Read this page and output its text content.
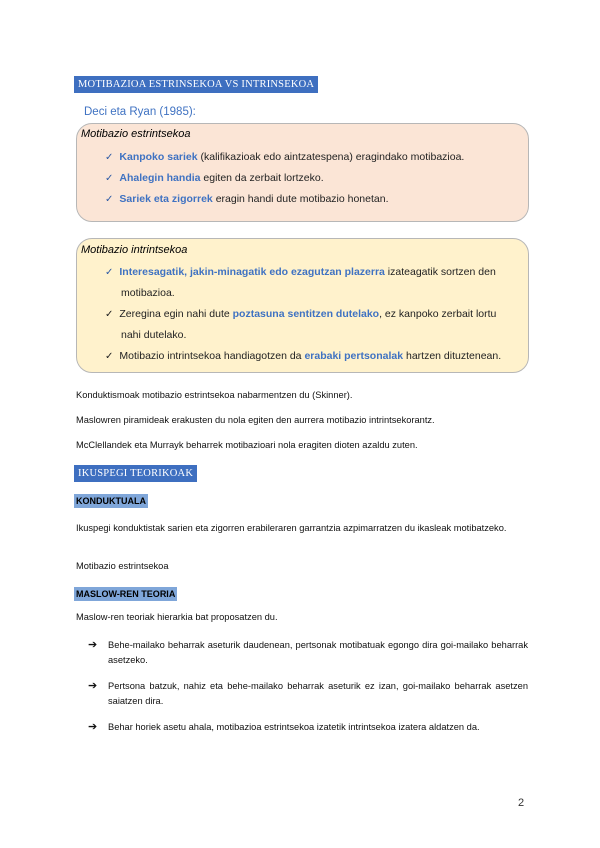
MOTIBAZIOA ESTRINSEKOA VS INTRINSEKOA
Deci eta Ryan (1985):
Motibazio estrintsekoa
✓ Kanpoko sariek (kalifikazioak edo aintzatespena) eragindako motibazioa.
✓ Ahalegin handia egiten da zerbait lortzeko.
✓ Sariek eta zigorrek eragin handi dute motibazio honetan.
Motibazio intrintsekoa
✓ Interesagatik, jakin-minagatik edo ezagutzan plazerra izateagatik sortzen den
motibazioa.
✓ Zeregina egin nahi dute poztasuna sentitzen dutelako, ez kanpoko zerbait lortu
nahi dutelako.
✓ Motibazio intrintsekoa handiagotzen da erabaki pertsonalak hartzen dituztenean.
Konduktismoak motibazio estrintsekoa nabarmentzen du (Skinner).
Maslowren piramideak erakusten du nola egiten den aurrera motibazio intrintsekorantz.
McClellandek eta Murrayk beharrek motibazioari nola eragiten dioten azaldu zuten.
IKUSPEGI TEORIKOAK
KONDUKTUALA
Ikuspegi konduktistak sarien eta zigorren erabileraren garrantzia azpimarratzen du ikasleak motibatzeko.
Motibazio estrintsekoa
MASLOW-REN TEORIA
Maslow-ren teoriak hierarkia bat proposatzen du.
➔ Behe-mailako beharrak aseturik daudenean, pertsonak motibatuak egongo dira goi-mailako beharrak asetzeko.
➔ Pertsona batzuk, nahiz eta behe-mailako beharrak aseturik ez izan, goi-mailako beharrak asetzen saiatzen dira.
➔ Behar horiek asetu ahala, motibazioa estrintsekoa izatetik intrintsekoa izatera aldatzen da.
2
